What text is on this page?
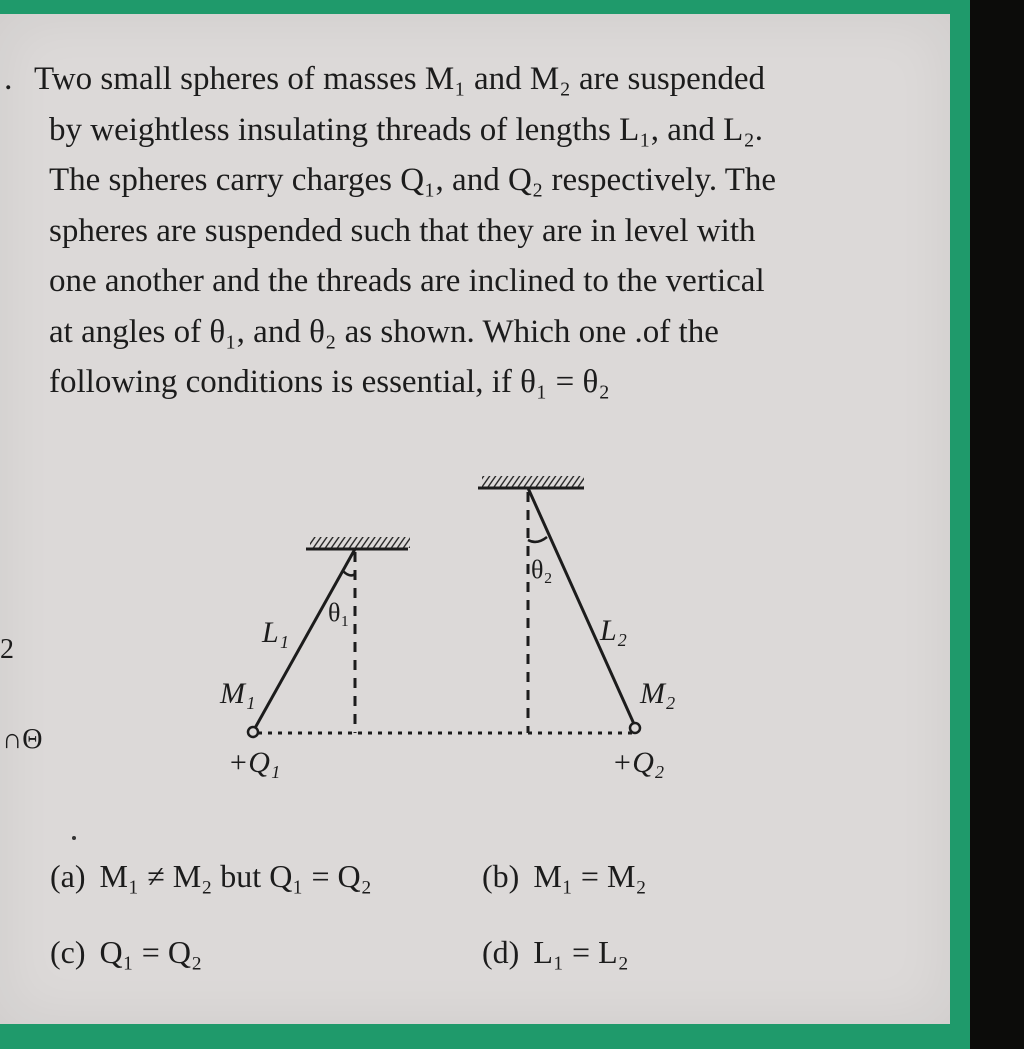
. Two small spheres of masses M₁ and M₂ are suspended
by weightless insulating threads of lengths L₁, and L₂.
The spheres carry charges Q₁, and Q₂ respectively. The
spheres are suspended such that they are in level with
one another and the threads are inclined to the vertical
at angles of θ₁, and θ₂ as shown. Which one .of the
following conditions is essential, if θ₁ = θ₂
2
∩Θ
L₁
θ₁
M₁
+Q₁
θ₂
L₂
M₂
+Q₂
(a) M₁ ≠ M₂ but Q₁ = Q₂	(b) M₁ = M₂
(c) Q₁ = Q₂	(d) L₁ = L₂
